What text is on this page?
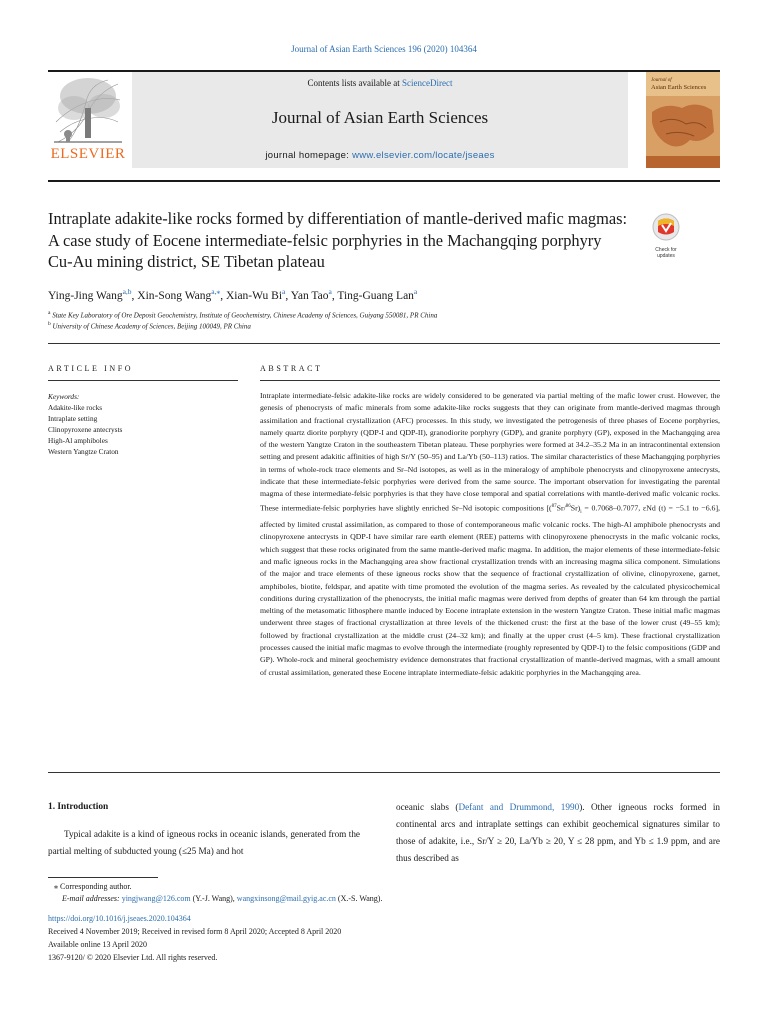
Journal of Asian Earth Sciences 196 (2020) 104364
ELSEVIER
Contents lists available at ScienceDirect
Journal of Asian Earth Sciences
journal homepage: www.elsevier.com/locate/jseaes
Journal of
Asian Earth Sciences
Intraplate adakite-like rocks formed by differentiation of mantle-derived mafic magmas: A case study of Eocene intermediate-felsic porphyries in the Machangqing porphyry Cu-Au mining district, SE Tibetan plateau
Check for updates
Ying-Jing Wang$^{a,b}$, Xin-Song Wang$^{a,⁎}$, Xian-Wu Bi$^a$, Yan Tao$^a$, Ting-Guang Lan$^a$
$^a$ State Key Laboratory of Ore Deposit Geochemistry, Institute of Geochemistry, Chinese Academy of Sciences, Guiyang 550081, PR China
$^b$ University of Chinese Academy of Sciences, Beijing 100049, PR China
ARTICLE INFO
Keywords:
Adakite-like rocks
Intraplate setting
Clinopyroxene antecrysts
High-Al amphiboles
Western Yangtze Craton
ABSTRACT
Intraplate intermediate-felsic adakite-like rocks are widely considered to be generated via partial melting of the mafic lower crust. However, the genesis of phenocrysts of mafic minerals from some adakite-like rocks suggests that they can originate from mantle-derived magmas through assimilation and fractional crystallization (AFC) processes. In this study, we investigated the petrogenesis of three phases of Eocene porphyries, namely quartz diorite porphyry (QDP-I and QDP-II), granodiorite porphyry (GDP), and granite porphyry (GP), exposed in the Machangqing area of the western Yangtze Craton in the southeastern Tibetan plateau. These porphyries were formed at 34.2–35.2 Ma in an intracontinental extension setting and present adakitic affinities of high Sr/Y (50–95) and La/Yb (50–113) ratios. The similar characteristics of these Machangqing porphyries in terms of whole-rock trace elements and Sr–Nd isotopes, as well as in the mineralogy of amphibole phenocrysts and clinopyroxene antecrysts, indicate that these intermediate-felsic porphyries were derived from the same source. The important observation for investigating the parental magma of these intermediate-felsic porphyries is that they have close temporal and spatial correlations with mantle-derived mafic volcanic rocks. These intermediate-felsic porphyries have slightly enriched Sr–Nd isotopic compositions [$(^{87}Sr/^{86}Sr)_i = 0.7068-0.7077$, εNd (t) = −5.1 to −6.6], affected by limited crustal assimilation, as compared to those of contemporaneous mafic volcanic rocks. The high-Al amphibole phenocrysts and clinopyroxene antecrysts in QDP-I have similar rare earth element (REE) patterns with clinopyroxene phenocrysts in the mafic volcanic rocks, which suggest that these rocks originated from the same mantle-derived mafic magma. In addition, the major elements of these intermediate-felsic and mafic igneous rocks in the Machangqing area show fractional crystallization trends with an increasing magma silica component. Simulations of the major and trace elements of these igneous rocks show that the sequence of fractional crystallization of olivine, clinopyroxene, garnet, amphiboles, biotite, feldspar, and apatite with time promoted the evolution of the magma series. As revealed by the calculated physicochemical conditions during crystallization of the phenocrysts, the initial mafic magmas were derived from depths of greater than 64 km through the partial melting of the metasomatic lithosphere mantle induced by Eocene intraplate extension in the western Yangtze Craton. These initial mafic magmas underwent three stages of fractional crystallization at three levels of the thickened crust: the first at the base of the lower crust (49–55 km); followed by fractional crystallization at the middle crust (24–32 km); and finally at the upper crust (4–5 km). These fractional crystallization processes caused the initial mafic magmas to evolve through the intermediate (roughly represented by QDP-I) to the felsic compositions (GDP and GP). Whole-rock and mineral geochemistry evidence demonstrates that fractional crystallization of mantle-derived magmas, with a small amount of crustal assimilation, generated these Eocene intraplate intermediate-felsic adakitic porphyries in the Machangqing area.
1. Introduction
Typical adakite is a kind of igneous rocks in oceanic islands, generated from the partial melting of subducted young (≤25 Ma) and hot
oceanic slabs (Defant and Drummond, 1990). Other igneous rocks formed in continental arcs and intraplate settings can exhibit geochemical signatures similar to those of adakite, i.e., Sr/Y ≥ 20, La/Yb ≥ 20, Y ≤ 28 ppm, and Yb ≤ 1.9 ppm, and are thus described as
⁎ Corresponding author.
E-mail addresses: yingjwang@126.com (Y.-J. Wang), wangxinsong@mail.gyig.ac.cn (X.-S. Wang).
https://doi.org/10.1016/j.jseaes.2020.104364
Received 4 November 2019; Received in revised form 8 April 2020; Accepted 8 April 2020
Available online 13 April 2020
1367-9120/ © 2020 Elsevier Ltd. All rights reserved.
